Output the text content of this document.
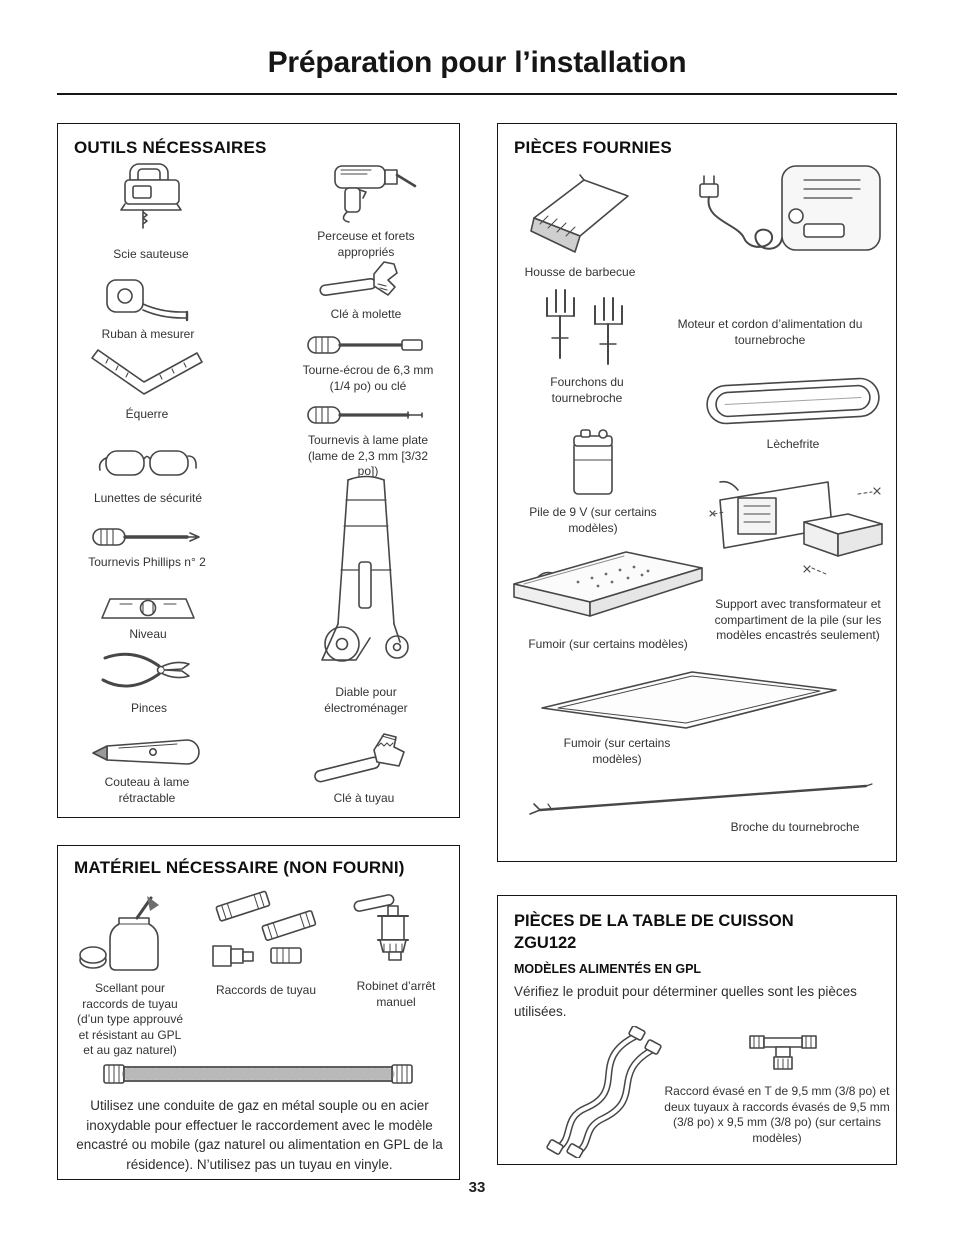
Préparation pour l’installation
OUTILS NÉCESSAIRES
Scie sauteuse
Ruban à mesurer
Équerre
Lunettes de sécurité
Tournevis Phillips n° 2
Niveau
Pinces
Couteau à lame rétractable
Perceuse et forets appropriés
Clé à molette
Tourne-écrou de 6,3 mm (1/4 po) ou clé
Tournevis à lame plate (lame de 2,3 mm [3/32 po])
Diable pour électroménager
Clé à tuyau
PIÈCES FOURNIES
Housse de barbecue
Moteur et cordon d’alimentation du tournebroche
Fourchons du tournebroche
Lèchefrite
Pile de 9 V (sur certains modèles)
Support avec transformateur et compartiment de la pile (sur les modèles encastrés seulement)
Fumoir (sur certains modèles)
Fumoir (sur certains modèles)
Broche du tournebroche
MATÉRIEL NÉCESSAIRE (NON FOURNI)
Scellant pour raccords de tuyau (d’un type approuvé et résistant au GPL et au gaz naturel)
Raccords de tuyau	Robinet d’arrêt manuel
Utilisez une conduite de gaz en métal souple ou en acier inoxydable pour effectuer le raccordement avec le modèle encastré ou mobile (gaz naturel ou alimentation en GPL de la résidence). N’utilisez pas un tuyau en vinyle.
PIÈCES DE LA TABLE DE CUISSON ZGU122
MODÈLES ALIMENTÉS EN GPL
Vérifiez le produit pour déterminer quelles sont les pièces utilisées.
Raccord évasé en T de 9,5 mm (3/8 po) et deux tuyaux à raccords évasés de 9,5 mm (3/8 po) x 9,5 mm (3/8 po) (sur certains modèles)
33
